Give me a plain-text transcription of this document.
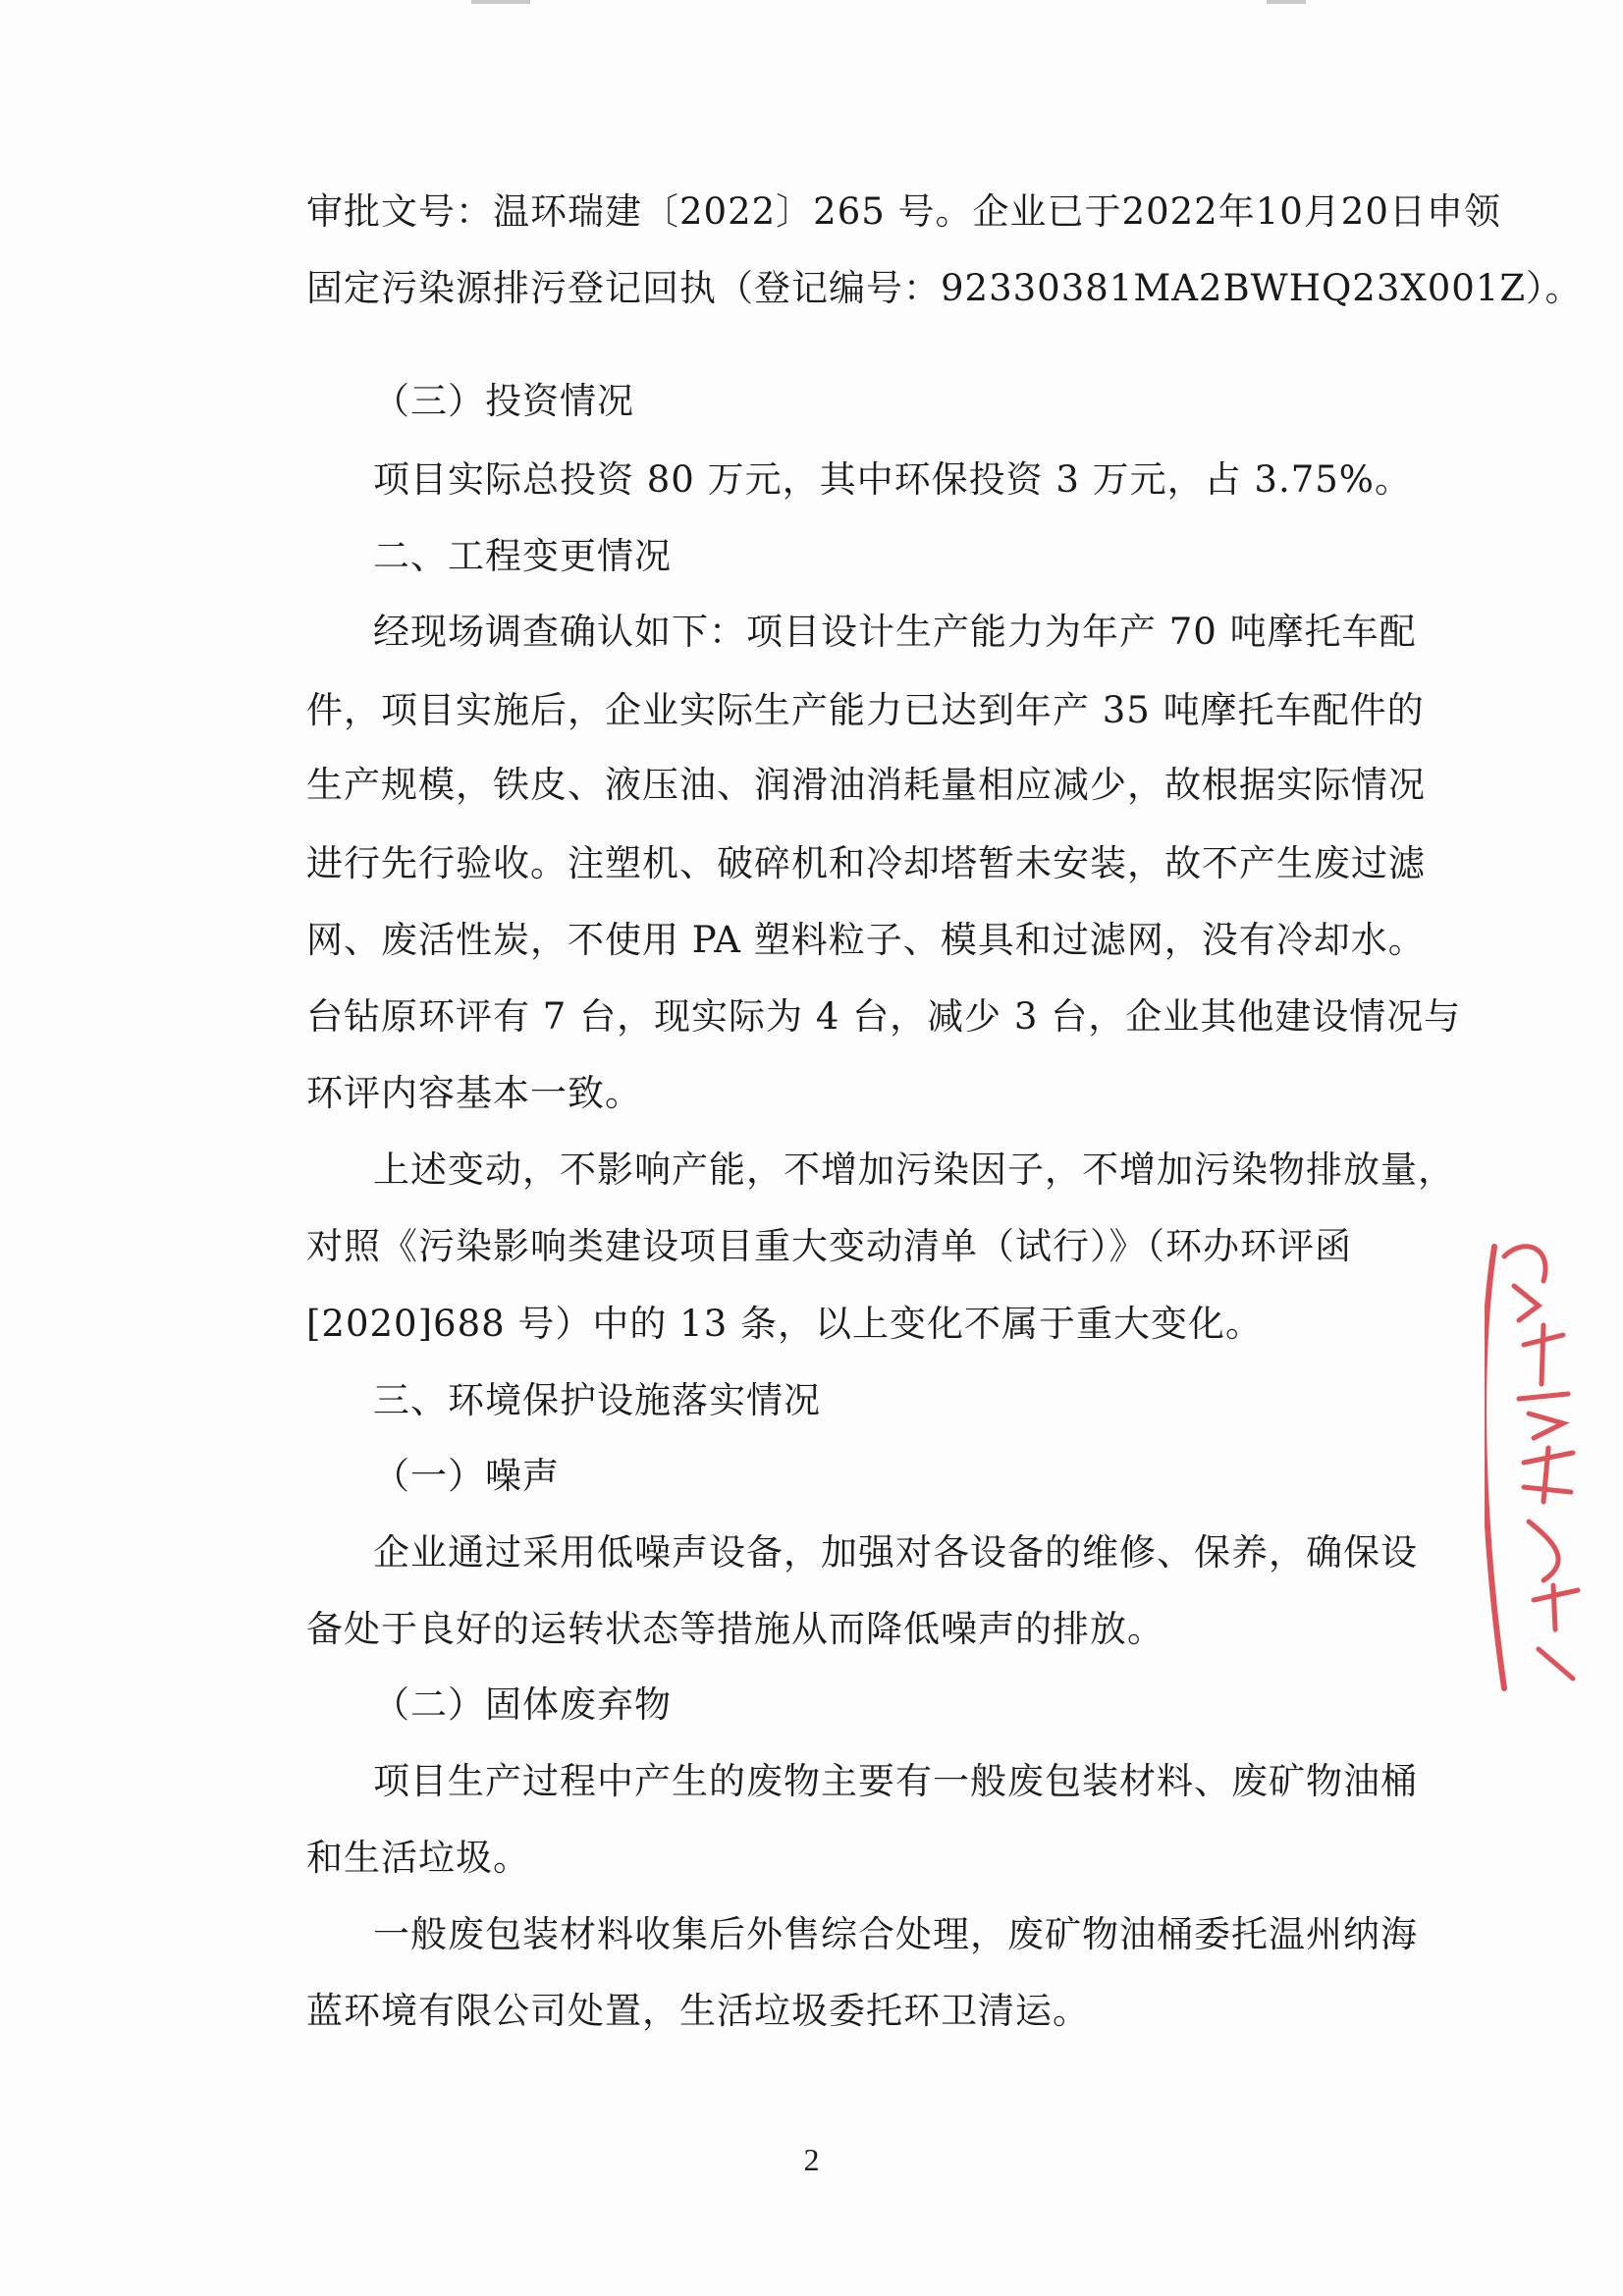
审批文号：温环瑞建〔2022〕265 号。企业已于2022年10月20日申领
固定污染源排污登记回执（登记编号：92330381MA2BWHQ23X001Z）。
（三）投资情况
项目实际总投资 80 万元，其中环保投资 3 万元，占 3.75%。
二、工程变更情况
经现场调查确认如下：项目设计生产能力为年产 70 吨摩托车配
件，项目实施后，企业实际生产能力已达到年产 35 吨摩托车配件的
生产规模，铁皮、液压油、润滑油消耗量相应减少，故根据实际情况
进行先行验收。注塑机、破碎机和冷却塔暂未安装，故不产生废过滤
网、废活性炭，不使用 PA 塑料粒子、模具和过滤网，没有冷却水。
台钻原环评有 7 台，现实际为 4 台，减少 3 台，企业其他建设情况与
环评内容基本一致。
上述变动，不影响产能，不增加污染因子，不增加污染物排放量，
对照《污染影响类建设项目重大变动清单（试行）》（环办环评函
[2020]688 号）中的 13 条，以上变化不属于重大变化。
三、环境保护设施落实情况
（一）噪声
企业通过采用低噪声设备，加强对各设备的维修、保养，确保设
备处于良好的运转状态等措施从而降低噪声的排放。
（二）固体废弃物
项目生产过程中产生的废物主要有一般废包装材料、废矿物油桶
和生活垃圾。
一般废包装材料收集后外售综合处理，废矿物油桶委托温州纳海
蓝环境有限公司处置，生活垃圾委托环卫清运。
2
